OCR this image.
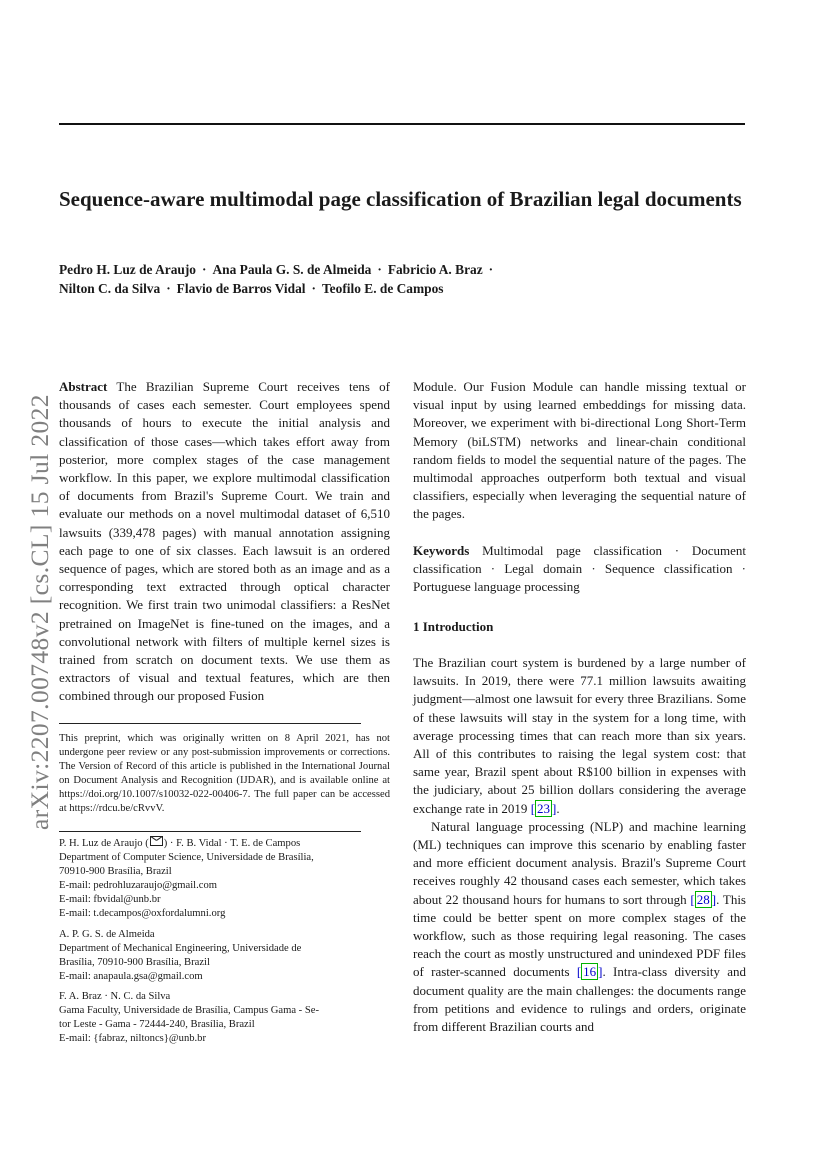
Sequence-aware multimodal page classification of Brazilian legal documents
Pedro H. Luz de Araujo · Ana Paula G. S. de Almeida · Fabricio A. Braz ·
Nilton C. da Silva · Flavio de Barros Vidal · Teofilo E. de Campos
arXiv:2207.00748v2 [cs.CL] 15 Jul 2022

Abstract The Brazilian Supreme Court receives tens of thousands of cases each semester. Court employees spend thousands of hours to execute the initial analysis and classification of those cases—which takes effort away from posterior, more complex stages of the case management workflow. In this paper, we explore multimodal classification of documents from Brazil's Supreme Court. We train and evaluate our methods on a novel multimodal dataset of 6,510 lawsuits (339,478 pages) with manual annotation assigning each page to one of six classes. Each lawsuit is an ordered sequence of pages, which are stored both as an image and as a corresponding text extracted through optical character recognition. We first train two unimodal classifiers: a ResNet pretrained on ImageNet is fine-tuned on the images, and a convolutional network with filters of multiple kernel sizes is trained from scratch on document texts. We use them as extractors of visual and textual features, which are then combined through our proposed Fusion

Module. Our Fusion Module can handle missing textual or visual input by using learned embeddings for missing data. Moreover, we experiment with bi-directional Long Short-Term Memory (biLSTM) networks and linear-chain conditional random fields to model the sequential nature of the pages. The multimodal approaches outperform both textual and visual classifiers, especially when leveraging the sequential nature of the pages.

Keywords Multimodal page classification · Document classification · Legal domain · Sequence classification · Portuguese language processing

This preprint, which was originally written on 8 April 2021, has not undergone peer review or any post-submission improvements or corrections. The Version of Record of this article is published in the International Journal on Document Analysis and Recognition (IJDAR), and is available online at https://doi.org/10.1007/s10032-022-00406-7. The full paper can be accessed at https://rdcu.be/cRvvV.
P. H. Luz de Araujo ( ) · F. B. Vidal · T. E. de Campos
Department of Computer Science, Universidade de Brasília,
70910-900 Brasília, Brazil
E-mail: pedrohluzaraujo@gmail.com
E-mail: fbvidal@unb.br
E-mail: t.decampos@oxfordalumni.org
A. P. G. S. de Almeida
Department of Mechanical Engineering, Universidade de
Brasília, 70910-900 Brasília, Brazil
E-mail: anapaula.gsa@gmail.com
F. A. Braz · N. C. da Silva
Gama Faculty, Universidade de Brasília, Campus Gama - Se-
tor Leste - Gama - 72444-240, Brasília, Brazil
E-mail: {fabraz, niltoncs}@unb.br
1 Introduction

The Brazilian court system is burdened by a large number of lawsuits. In 2019, there were 77.1 million lawsuits awaiting judgment—almost one lawsuit for every three Brazilians. Some of these lawsuits will stay in the system for a long time, with average processing times that can reach more than six years. All of this contributes to raising the legal system cost: that same year, Brazil spent about R$100 billion in expenses with the judiciary, about 25 billion dollars considering the average exchange rate in 2019 [ 23 ].

Natural language processing (NLP) and machine learning (ML) techniques can improve this scenario by enabling faster and more efficient document analysis. Brazil's Supreme Court receives roughly 42 thousand cases each semester, which takes about 22 thousand hours for humans to sort through [ 28 ]. This time could be better spent on more complex stages of the workflow, such as those requiring legal reasoning. The cases reach the court as mostly unstructured and unindexed PDF files of raster-scanned documents [ 16 ]. Intra-class diversity and document quality are the main challenges: the documents range from petitions and evidence to rulings and orders, originate from different Brazilian courts and
